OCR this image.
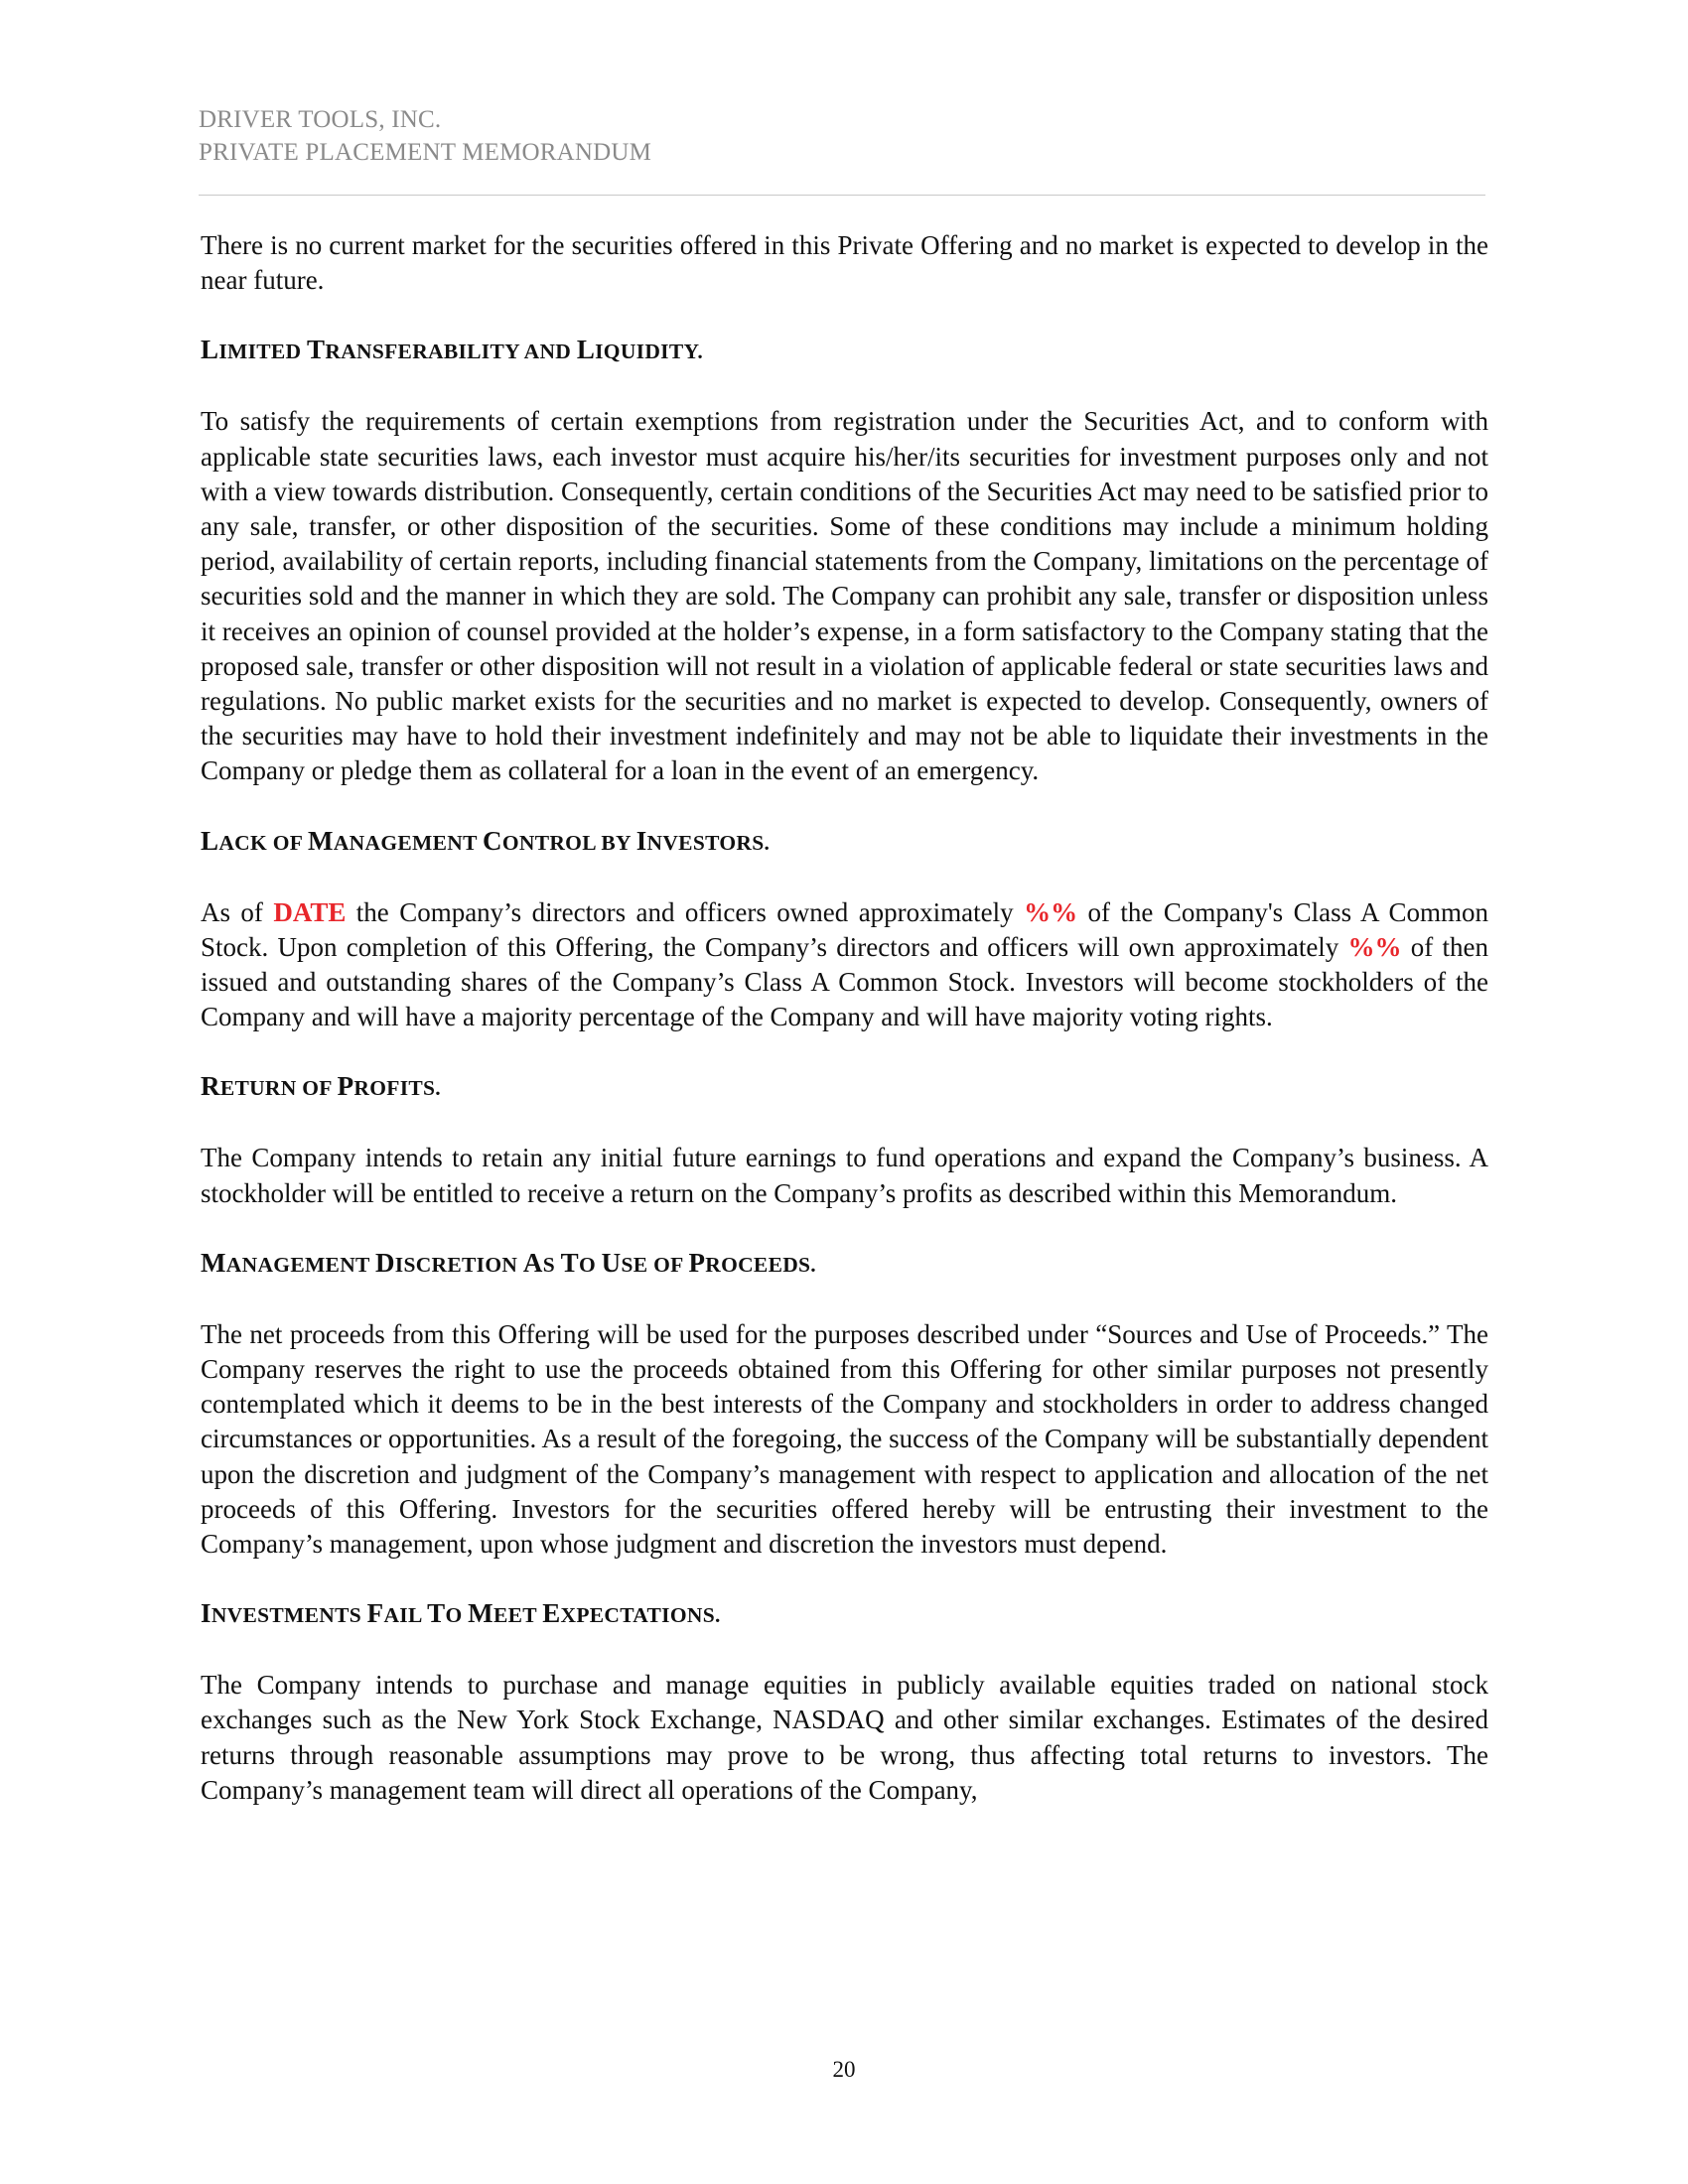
DRIVER TOOLS, INC.
PRIVATE PLACEMENT MEMORANDUM

There is no current market for the securities offered in this Private Offering and no market is expected to develop in the near future.

LIMITED TRANSFERABILITY AND LIQUIDITY.

To satisfy the requirements of certain exemptions from registration under the Securities Act, and to conform with applicable state securities laws, each investor must acquire his/her/its securities for investment purposes only and not with a view towards distribution. Consequently, certain conditions of the Securities Act may need to be satisfied prior to any sale, transfer, or other disposition of the securities. Some of these conditions may include a minimum holding period, availability of certain reports, including financial statements from the Company, limitations on the percentage of securities sold and the manner in which they are sold. The Company can prohibit any sale, transfer or disposition unless it receives an opinion of counsel provided at the holder’s expense, in a form satisfactory to the Company stating that the proposed sale, transfer or other disposition will not result in a violation of applicable federal or state securities laws and regulations. No public market exists for the securities and no market is expected to develop. Consequently, owners of the securities may have to hold their investment indefinitely and may not be able to liquidate their investments in the Company or pledge them as collateral for a loan in the event of an emergency.

LACK OF MANAGEMENT CONTROL BY INVESTORS.

As of DATE the Company’s directors and officers owned approximately %% of the Company's Class A Common Stock. Upon completion of this Offering, the Company’s directors and officers will own approximately %% of then issued and outstanding shares of the Company’s Class A Common Stock. Investors will become stockholders of the Company and will have a majority percentage of the Company and will have majority voting rights.

RETURN OF PROFITS.

The Company intends to retain any initial future earnings to fund operations and expand the Company’s business. A stockholder will be entitled to receive a return on the Company’s profits as described within this Memorandum.

MANAGEMENT DISCRETION AS TO USE OF PROCEEDS.

The net proceeds from this Offering will be used for the purposes described under “Sources and Use of Proceeds.” The Company reserves the right to use the proceeds obtained from this Offering for other similar purposes not presently contemplated which it deems to be in the best interests of the Company and stockholders in order to address changed circumstances or opportunities. As a result of the foregoing, the success of the Company will be substantially dependent upon the discretion and judgment of the Company’s management with respect to application and allocation of the net proceeds of this Offering. Investors for the securities offered hereby will be entrusting their investment to the Company’s management, upon whose judgment and discretion the investors must depend.

INVESTMENTS FAIL TO MEET EXPECTATIONS.

The Company intends to purchase and manage equities in publicly available equities traded on national stock exchanges such as the New York Stock Exchange, NASDAQ and other similar exchanges. Estimates of the desired returns through reasonable assumptions may prove to be wrong, thus affecting total returns to investors. The Company’s management team will direct all operations of the Company,

20
